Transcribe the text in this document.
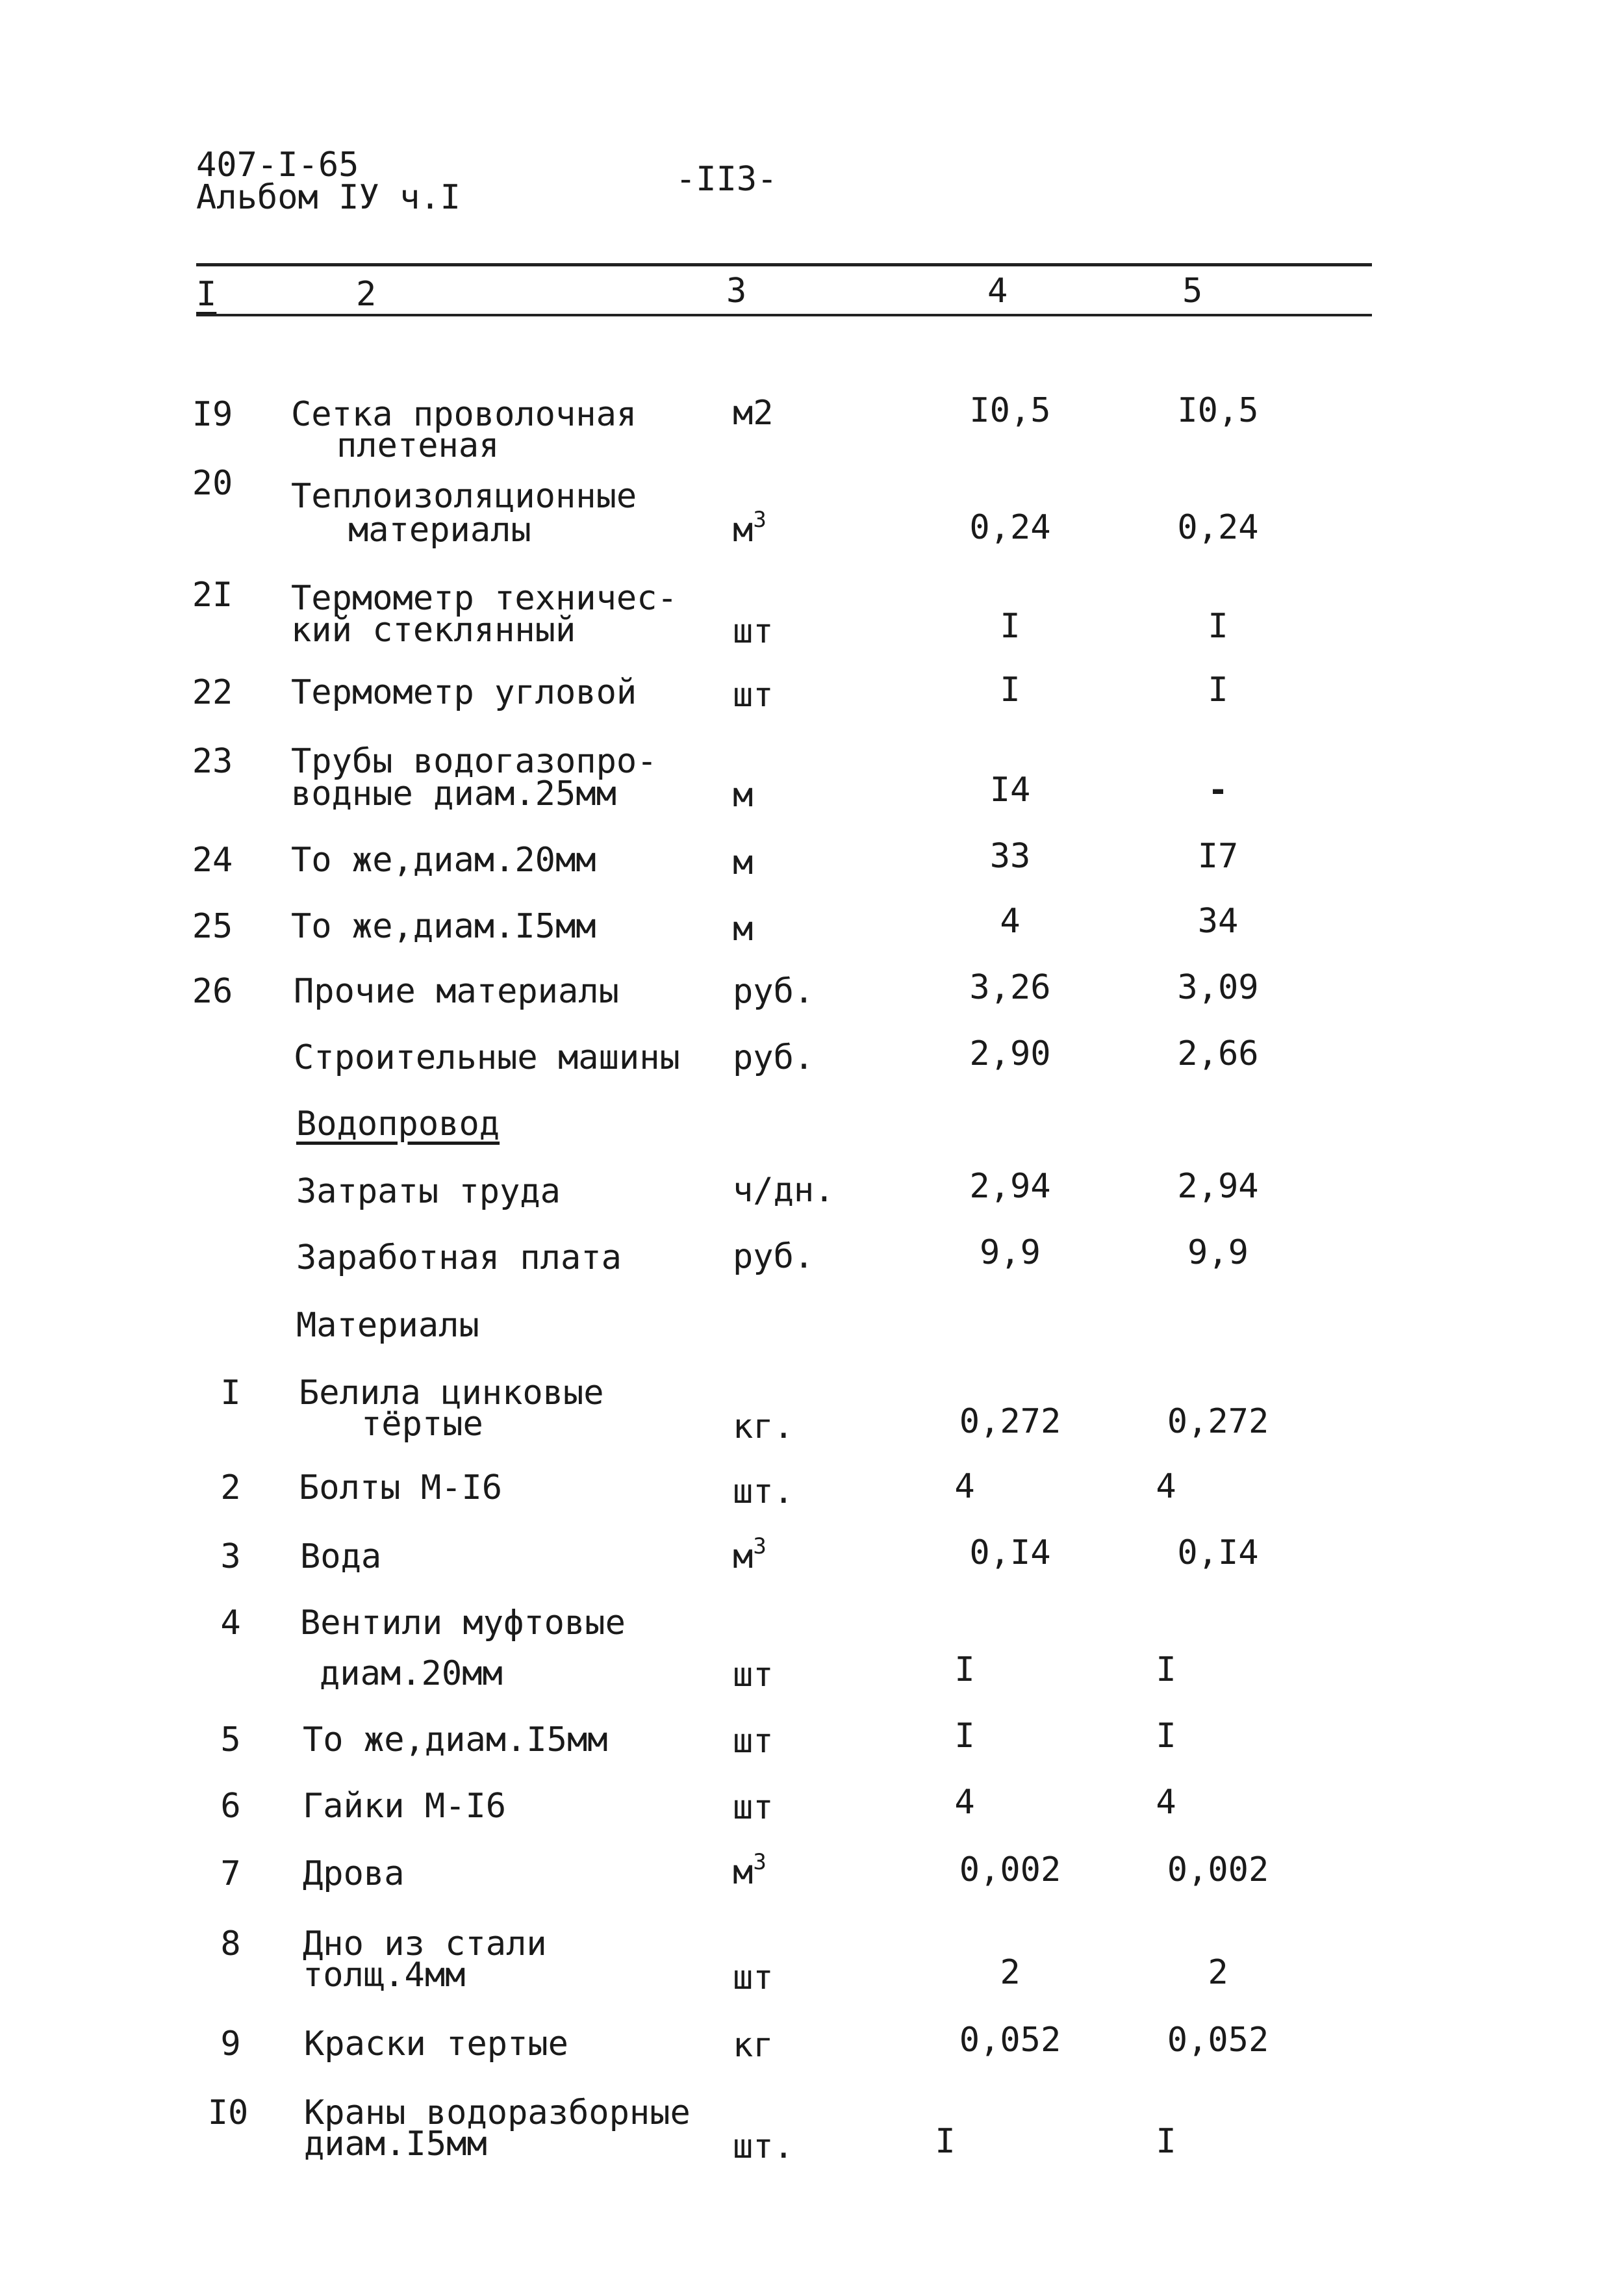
407-I-65
Альбом IУ ч.I	-II3-
I	2	3	4	5
I9	Сетка проволочная
плетеная
м2	I0,5	I0,5
20	Теплоизоляционные
материалы	$м^3$	0,24	0,24
2I	Термометр техничес-
кий стеклянный	шт	I	I
22	Термометр угловой	шт	I	I
23	Трубы водогазопро-
водные диам.25мм	м	I4	-
24	То же,диам.20мм	м	33	I7
25	То же,диам.I5мм	м	4	34
26	Прочие материалы	руб.	3,26	3,09
Строительные машины руб.	2,90	2,66
Водопровод
Затраты труда	ч/дн.	2,94	2,94
Заработная плата	руб.	9,9	9,9
Материалы
I	Белила цинковые
тёртые	кг.	0,272	0,272
2	Болты М-I6	шт.	4	4
3	Вода	$м^3$	0,I4	0,I4
4	Вентили муфтовые
диам.20мм	шт	I	I
5	То же,диам.I5мм	шт	I	I
6	Гайки М-I6	шт	4	4
7	Дрова	$м^3$	0,002	0,002
8	Дно из стали
толщ.4мм	шт	2	2
9	Краски тертые	кг	0,052	0,052
I0	Краны водоразборные
диам.I5мм	шт.	I	I
